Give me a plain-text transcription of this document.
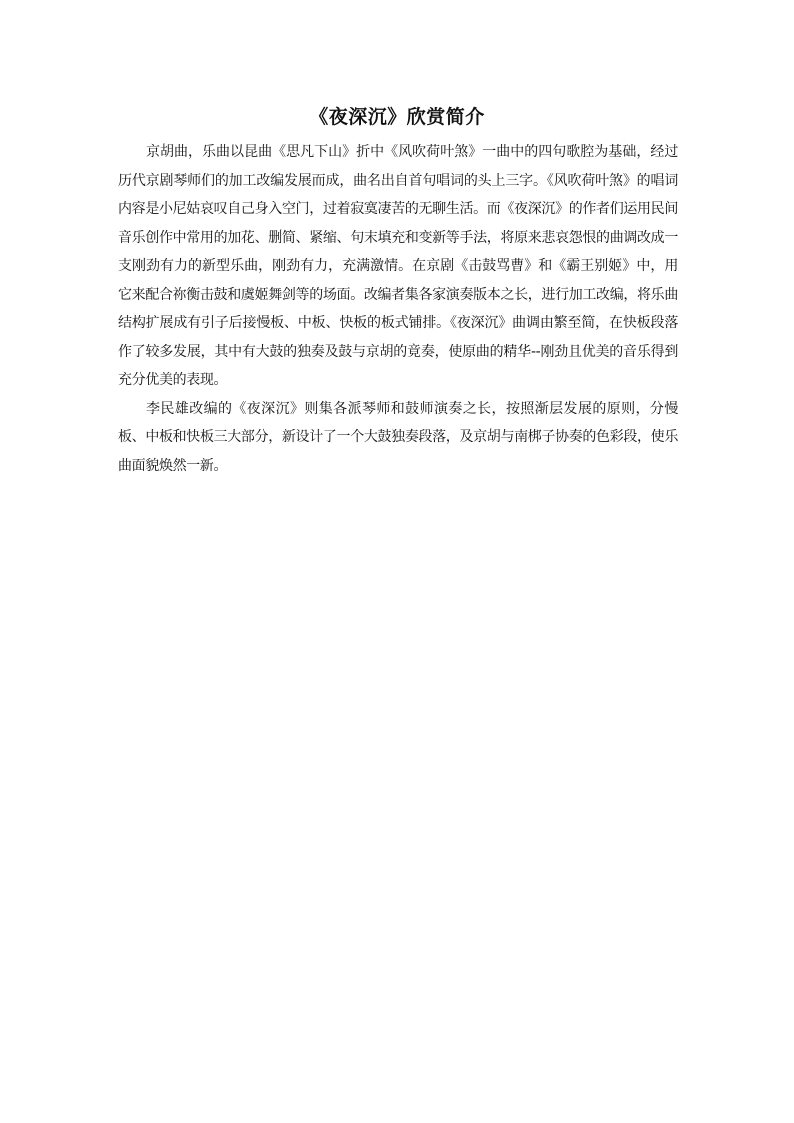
《夜深沉》欣赏简介

京胡曲，乐曲以昆曲《思凡下山》折中《风吹荷叶煞》一曲中的四句歌腔为基础，经过历代京剧琴师们的加工改编发展而成，曲名出自首句唱词的头上三字。《风吹荷叶煞》的唱词内容是小尼姑哀叹自己身入空门，过着寂寞凄苦的无聊生活。而《夜深沉》的作者们运用民间音乐创作中常用的加花、删简、紧缩、句末填充和变新等手法，将原来悲哀怨恨的曲调改成一支刚劲有力的新型乐曲，刚劲有力，充满激情。在京剧《击鼓骂曹》和《霸王别姬》中，用　它来配合祢衡击鼓和虞姬舞剑等的场面。改编者集各家演奏版本之长，进行加工改编，将乐曲结构扩展成有引子后接慢板、中板、快板的板式铺排。《夜深沉》曲调由繁至简，在快板段落作了较多发展，其中有大鼓的独奏及鼓与京胡的竟奏，使原曲的精华--刚劲且优美的音乐得到充分优美的表现。

李民雄改编的《夜深沉》则集各派琴师和鼓师演奏之长，按照渐层发展的原则，分慢板、中板和快板三大部分，新设计了一个大鼓独奏段落，及京胡与南梆子协奏的色彩段，使乐曲面貌焕然一新。
